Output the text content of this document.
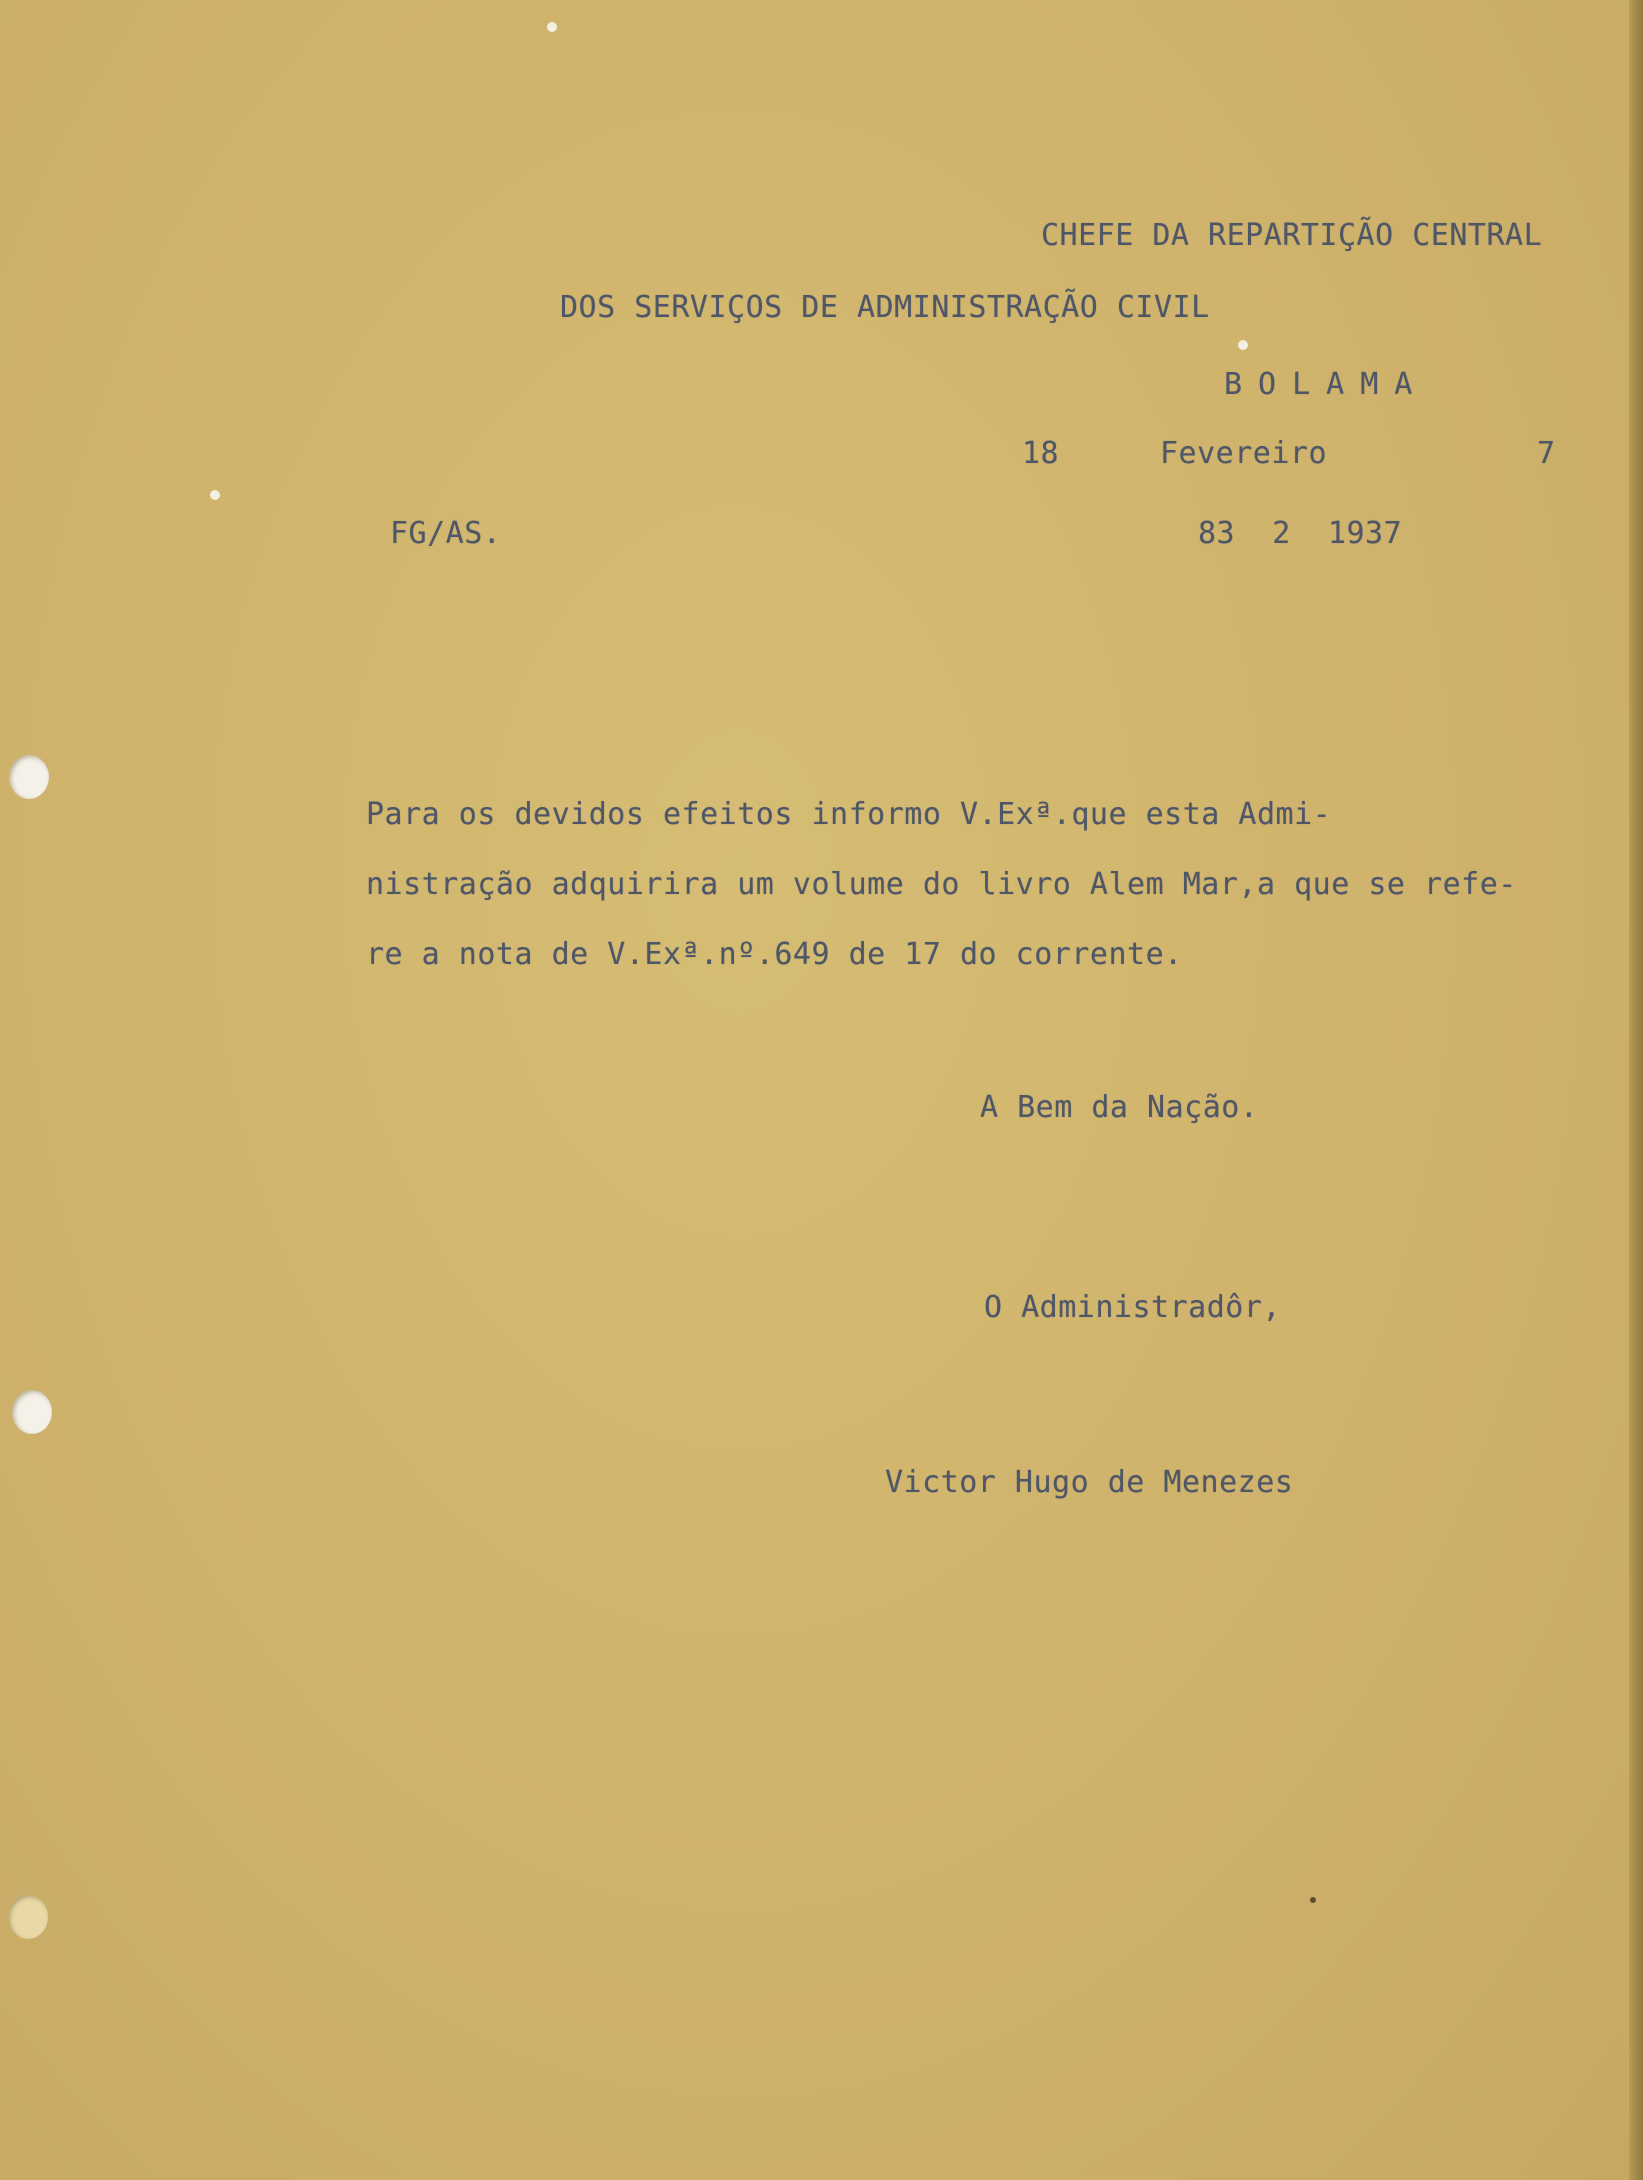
CHEFE DA REPARTIÇÃO CENTRAL

DOS SERVIÇOS DE ADMINISTRAÇÃO CIVIL

BOLAMA

18	Fevereiro	7

FG/AS.	83  2  1937

Para os devidos efeitos informo V.Exª.que esta Admi-
nistração adquirira um volume do livro Alem Mar,a que se refe-
re a nota de V.Exª.nº.649 de 17 do corrente.

A Bem da Nação.

O Administradôr,

Victor Hugo de Menezes
